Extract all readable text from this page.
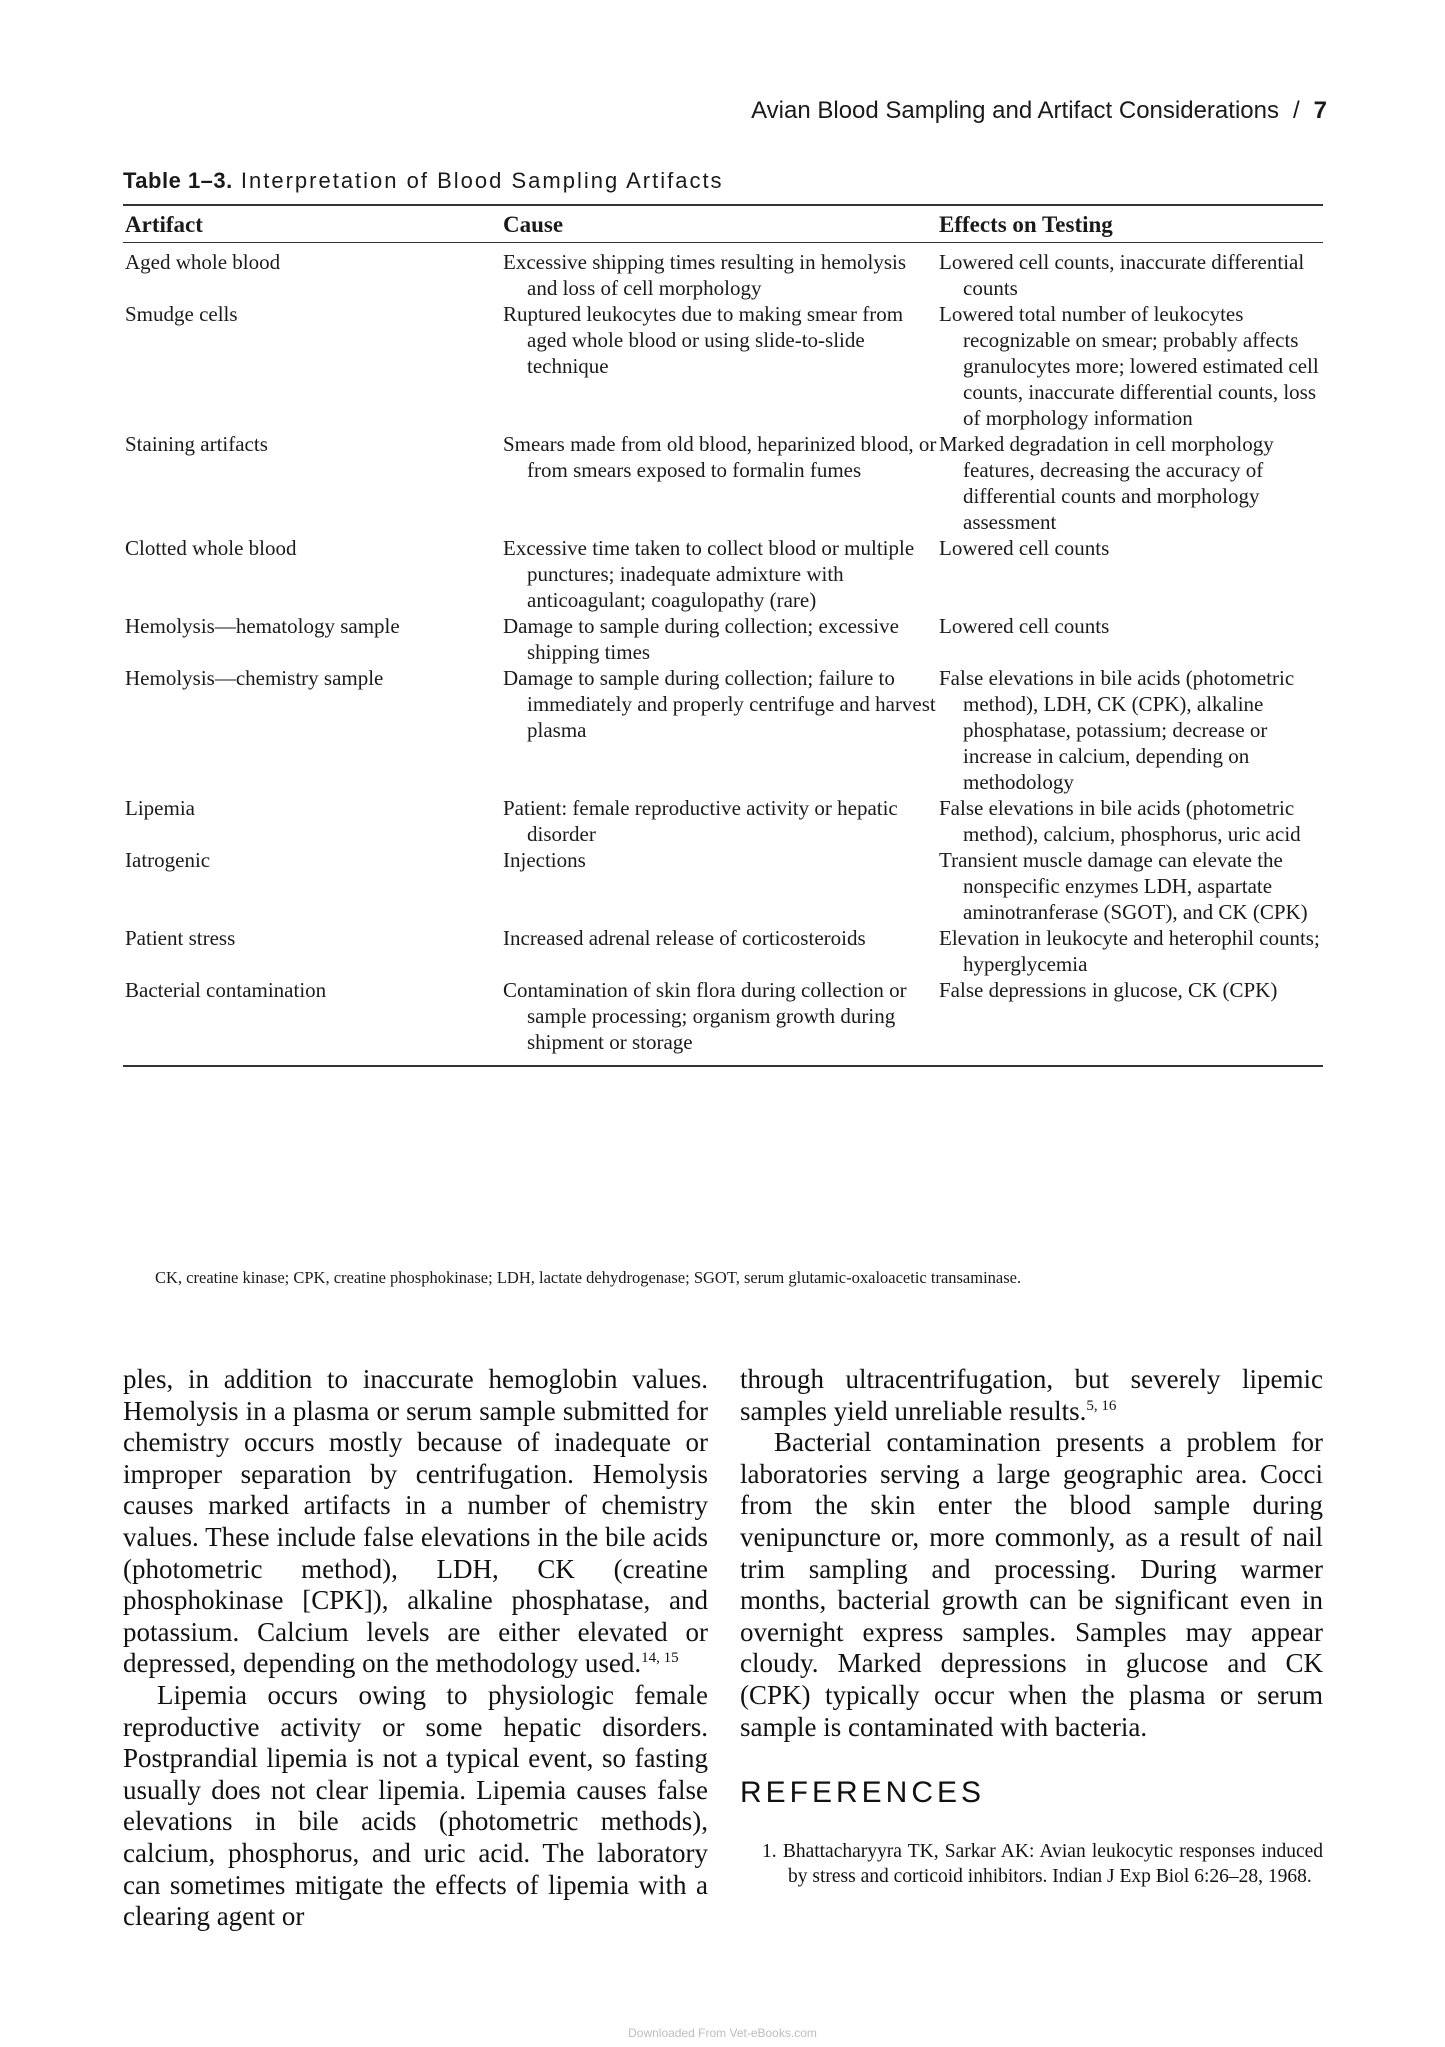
Avian Blood Sampling and Artifact Considerations / 7
Table 1–3. Interpretation of Blood Sampling Artifacts
Artifact	Cause	Effects on Testing

Aged whole blood	Excessive shipping times resulting in hemolysis and loss of cell morphology	Lowered cell counts, inaccurate differential counts

Smudge cells	Ruptured leukocytes due to making smear from aged whole blood or using slide-to-slide technique	Lowered total number of leukocytes recognizable on smear; probably affects granulocytes more; lowered estimated cell counts, inaccurate differential counts, loss of morphology information

Staining artifacts	Smears made from old blood, heparinized blood, or from smears exposed to formalin fumes	Marked degradation in cell morphology features, decreasing the accuracy of differential counts and morphology assessment

Clotted whole blood	Excessive time taken to collect blood or multiple punctures; inadequate admixture with anticoagulant; coagulopathy (rare)	Lowered cell counts

Hemolysis—hematology sample	Damage to sample during collection; excessive shipping times	Lowered cell counts

Hemolysis—chemistry sample	Damage to sample during collection; failure to immediately and properly centrifuge and harvest plasma	False elevations in bile acids (photometric method), LDH, CK (CPK), alkaline phosphatase, potassium; decrease or increase in calcium, depending on methodology

Lipemia	Patient: female reproductive activity or hepatic disorder	False elevations in bile acids (photometric method), calcium, phosphorus, uric acid

Iatrogenic	Injections	Transient muscle damage can elevate the nonspecific enzymes LDH, aspartate aminotranferase (SGOT), and CK (CPK)

Patient stress	Increased adrenal release of corticosteroids	Elevation in leukocyte and heterophil counts; hyperglycemia

Bacterial contamination	Contamination of skin flora during collection or sample processing; organism growth during shipment or storage	False depressions in glucose, CK (CPK)
CK, creatine kinase; CPK, creatine phosphokinase; LDH, lactate dehydrogenase; SGOT, serum glutamic-oxaloacetic transaminase.

ples, in addition to inaccurate hemoglobin values. Hemolysis in a plasma or serum sample submitted for chemistry occurs mostly because of inadequate or improper separation by centrifugation. Hemolysis causes marked artifacts in a number of chemistry values. These include false elevations in the bile acids (photometric method), LDH, CK (creatine phosphokinase [CPK]), alkaline phosphatase, and potassium. Calcium levels are either elevated or depressed, depending on the methodology used.$^{14, 15}$

Lipemia occurs owing to physiologic female reproductive activity or some hepatic disorders. Postprandial lipemia is not a typical event, so fasting usually does not clear lipemia. Lipemia causes false elevations in bile acids (photometric methods), calcium, phosphorus, and uric acid. The laboratory can sometimes mitigate the effects of lipemia with a clearing agent or

through ultracentrifugation, but severely lipemic samples yield unreliable results.$^{5, 16}$

Bacterial contamination presents a problem for laboratories serving a large geographic area. Cocci from the skin enter the blood sample during venipuncture or, more commonly, as a result of nail trim sampling and processing. During warmer months, bacterial growth can be significant even in overnight express samples. Samples may appear cloudy. Marked depressions in glucose and CK (CPK) typically occur when the plasma or serum sample is contaminated with bacteria.

REFERENCES
1. Bhattacharyyra TK, Sarkar AK: Avian leukocytic responses induced by stress and corticoid inhibitors. Indian J Exp Biol 6:26–28, 1968.
Downloaded From Vet-eBooks.com
